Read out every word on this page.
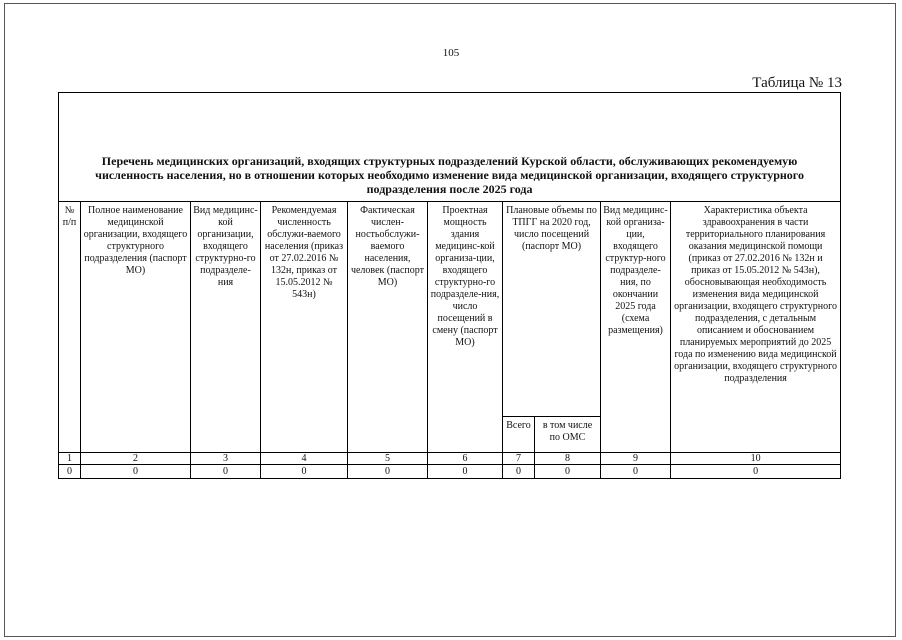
105
Таблица № 13
Перечень медицинских организаций, входящих структурных подразделений Курской области, обслуживающих рекомендуемую численность населения, но в отношении которых необходимо изменение вида медицинской организации, входящего структурного подразделения после 2025 года									
№ п/п	Полное наименование медицинской организации, входящего структурного подразделения (паспорт МО)	Вид медицинс-кой организации, входящего структурно-го подразделе-ния	Рекомендуемая численность обслужи-ваемого населения (приказ от 27.02.2016 № 132н, приказ от 15.05.2012 № 543н)	Фактическая числен-ностьобслужи-ваемого населения, человек (паспорт МО)	Проектная мощность здания медицинс-кой организа-ции, входящего структурно-го подразделе-ния, число посещений в смену (паспорт МО)	Плановые объемы по ТПГГ на 2020 год, число посещений (паспорт МО)		Вид медицинс-кой организа-ции, входящего структур-ного подразделе-ния, по окончании 2025 года (схема размещения)	Характеристика объекта здравоохранения в части территориального планирования оказания медицинской помощи (приказ от 27.02.2016 № 132н и приказ от 15.05.2012 № 543н), обосновывающая необходимость изменения вида медицинской организации, входящего структурного подразделения, с детальным описанием и обоснованием планируемых мероприятий до 2025 года по изменению вида медицинской организации, входящего структурного подразделения
						Всего	в том числе по ОМС		
1	2	3	4	5	6	7	8	9	10
0	0	0	0	0	0	0	0	0	0
